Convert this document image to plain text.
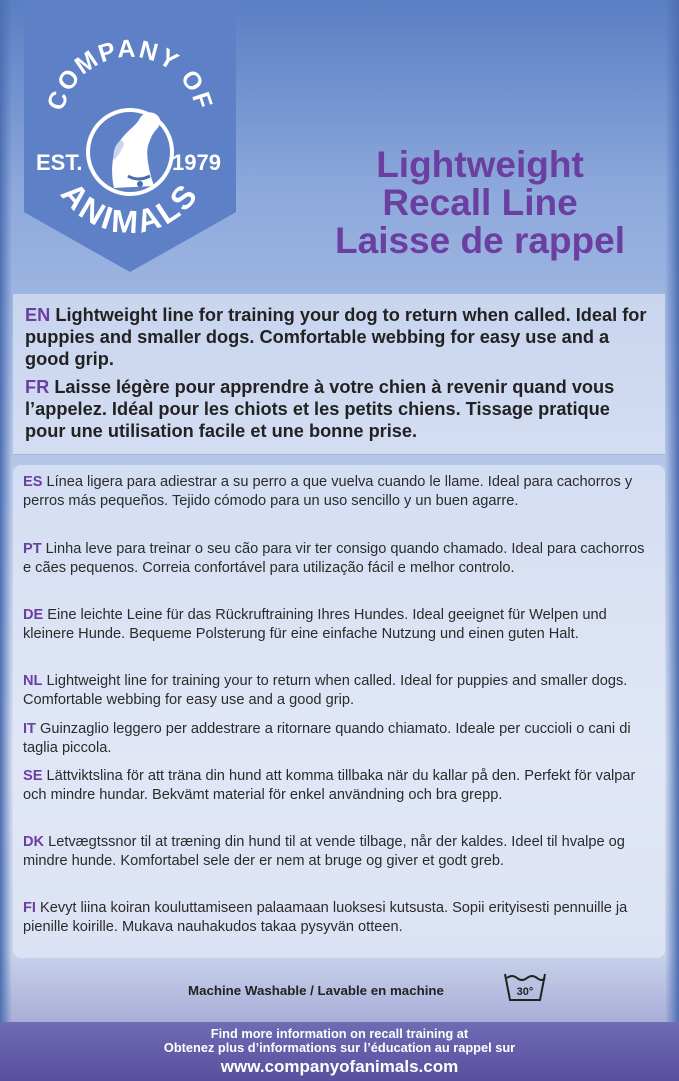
COMPANY OF
ANIMALS
EST.	1979	Lightweight
Recall Line
Laisse de rappel
EN Lightweight line for training your dog to return when called. Ideal for puppies and smaller dogs. Comfortable webbing for easy use and a good grip.
FR Laisse légère pour apprendre à votre chien à revenir quand vous l’appelez. Idéal pour les chiots et les petits chiens. Tissage pratique pour une utilisation facile et une bonne prise.
ES Línea ligera para adiestrar a su perro a que vuelva cuando le llame. Ideal para cachorros y perros más pequeños. Tejido cómodo para un uso sencillo y un buen agarre.
PT Linha leve para treinar o seu cão para vir ter consigo quando chamado. Ideal para cachorros e cães pequenos. Correia confortável para utilização fácil e melhor controlo.
DE Eine leichte Leine für das Rückruftraining Ihres Hundes. Ideal geeignet für Welpen und kleinere Hunde. Bequeme Polsterung für eine einfache Nutzung und einen guten Halt.
NL Lightweight line for training your to return when called. Ideal for puppies and smaller dogs. Comfortable webbing for easy use and a good grip.
IT Guinzaglio leggero per addestrare a ritornare quando chiamato. Ideale per cuccioli o cani di taglia piccola.
SE Lättviktslina för att träna din hund att komma tillbaka när du kallar på den. Perfekt för valpar och mindre hundar. Bekvämt material för enkel användning och bra grepp.
DK Letvægtssnor til at træning din hund til at vende tilbage, når der kaldes. Ideel til hvalpe og mindre hunde. Komfortabel sele der er nem at bruge og giver et godt greb.
FI Kevyt liina koiran kouluttamiseen palaamaan luoksesi kutsusta. Sopii erityisesti pennuille ja pienille koirille. Mukava nauhakudos takaa pysyvän otteen.
Machine Washable / Lavable en machine	30°
Find more information on recall training at
Obtenez plus d’informations sur l’éducation au rappel sur
www.companyofanimals.com
